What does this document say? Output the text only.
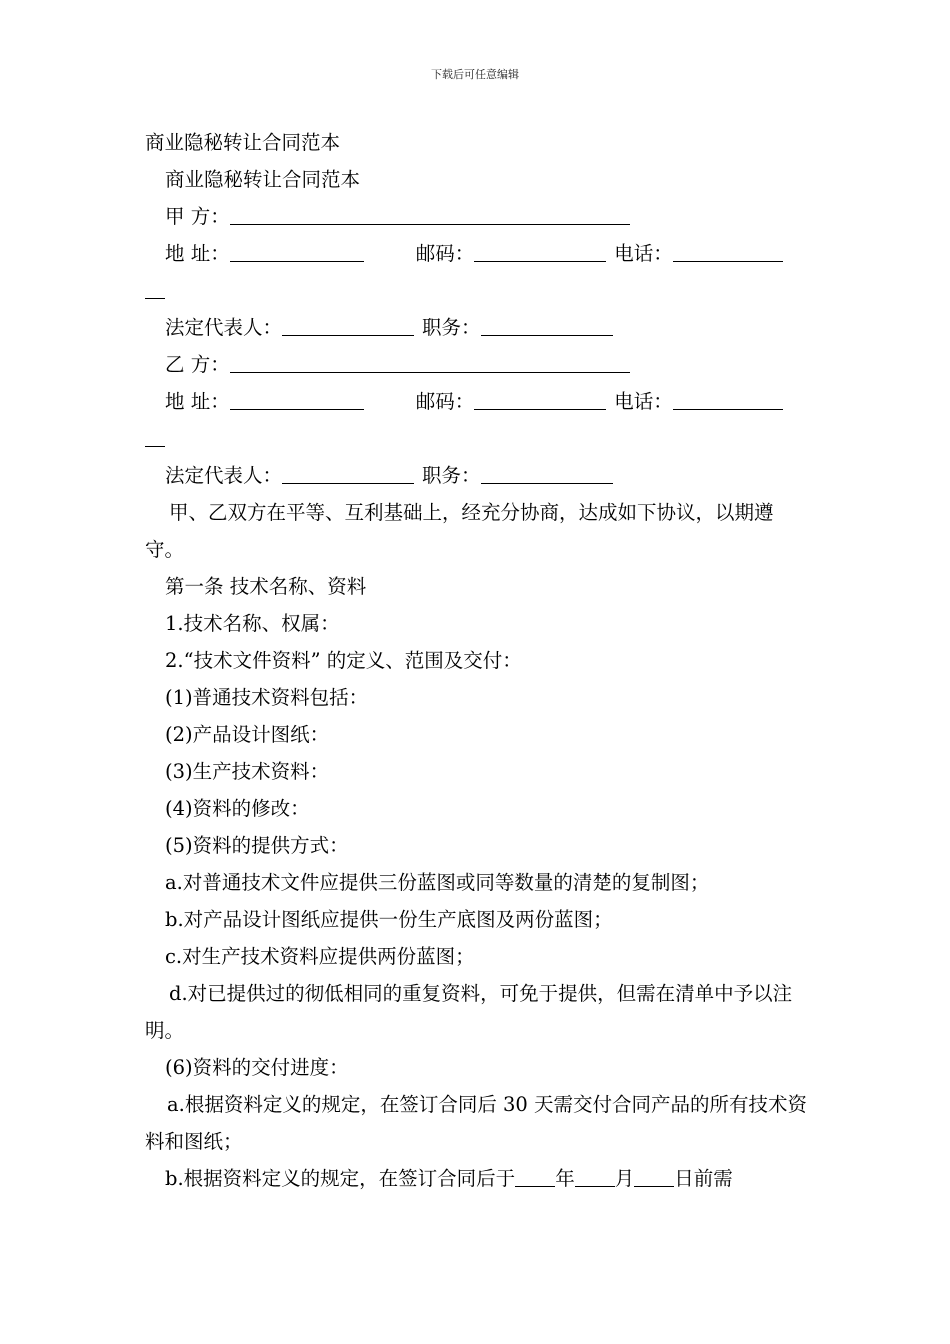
下载后可任意编辑
商业隐秘转让合同范本
商业隐秘转让合同范本
甲 方：
地 址：	邮码：	电话：
法定代表人：	职务：
乙 方：
地 址：	邮码：	电话：
法定代表人：	职务：
甲、乙双方在平等、互利基础上，经充分协商，达成如下协议，以期遵守。
第一条 技术名称、资料
1.技术名称、权属：
2.“技术文件资料” 的定义、范围及交付：
(1)普通技术资料包括：
(2)产品设计图纸：
(3)生产技术资料：
(4)资料的修改：
(5)资料的提供方式：
a.对普通技术文件应提供三份蓝图或同等数量的清楚的复制图；
b.对产品设计图纸应提供一份生产底图及两份蓝图；
c.对生产技术资料应提供两份蓝图；
d.对已提供过的彻低相同的重复资料，可免于提供，但需在清单中予以注明。
(6)资料的交付进度：
a.根据资料定义的规定，在签订合同后 30 天需交付合同产品的所有技术资料和图纸；
b.根据资料定义的规定，在签订合同后于 年 月 日前需
